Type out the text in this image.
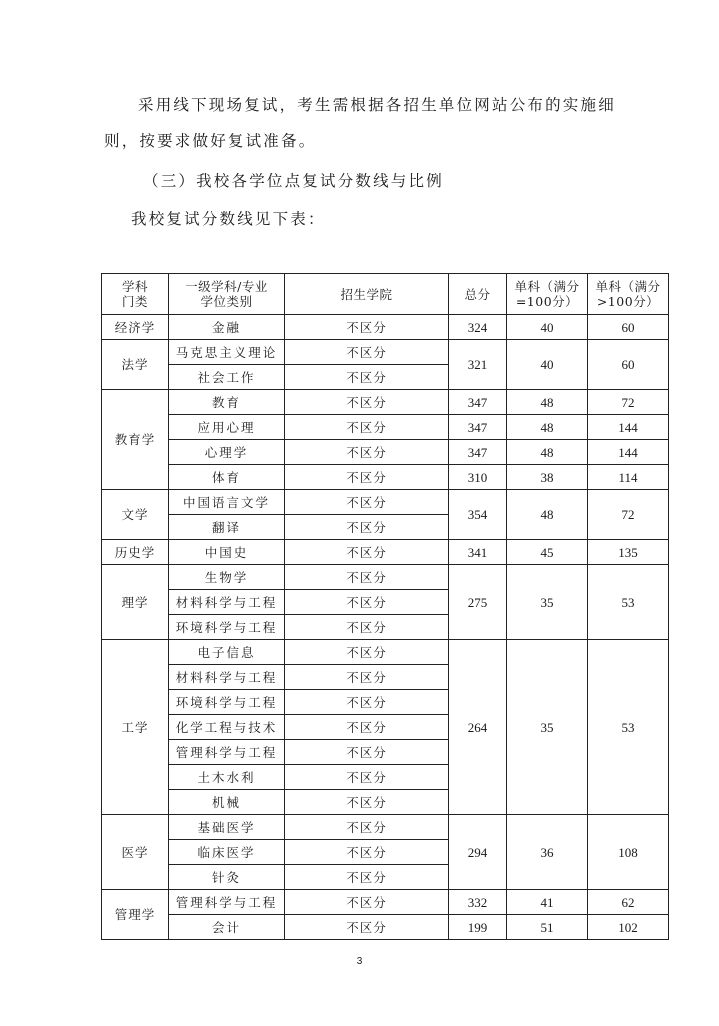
采用线下现场复试，考生需根据各招生单位网站公布的实施细
则，按要求做好复试准备。
（三）我校各学位点复试分数线与比例
我校复试分数线见下表：
学科门类	一级学科/专业学位类别	招生学院	总分	单科（满分=100分）	单科（满分>100分）
经济学	金融	不区分	324	40	60
法学	马克思主义理论	不区分	321	40	60
	社会工作	不区分			
教育学	教育	不区分	347	48	72
	应用心理	不区分	347	48	144
	心理学	不区分	347	48	144
	体育	不区分	310	38	114
文学	中国语言文学	不区分	354	48	72
	翻译	不区分			
历史学	中国史	不区分	341	45	135
理学	生物学	不区分	275	35	53
	材料科学与工程	不区分			
	环境科学与工程	不区分			
工学	电子信息	不区分	264	35	53
	材料科学与工程	不区分			
	环境科学与工程	不区分			
	化学工程与技术	不区分			
	管理科学与工程	不区分			
	土木水利	不区分			
	机械	不区分			
医学	基础医学	不区分	294	36	108
	临床医学	不区分			
	针灸	不区分			
管理学	管理科学与工程	不区分	332	41	62
	会计	不区分	199	51	102
3
